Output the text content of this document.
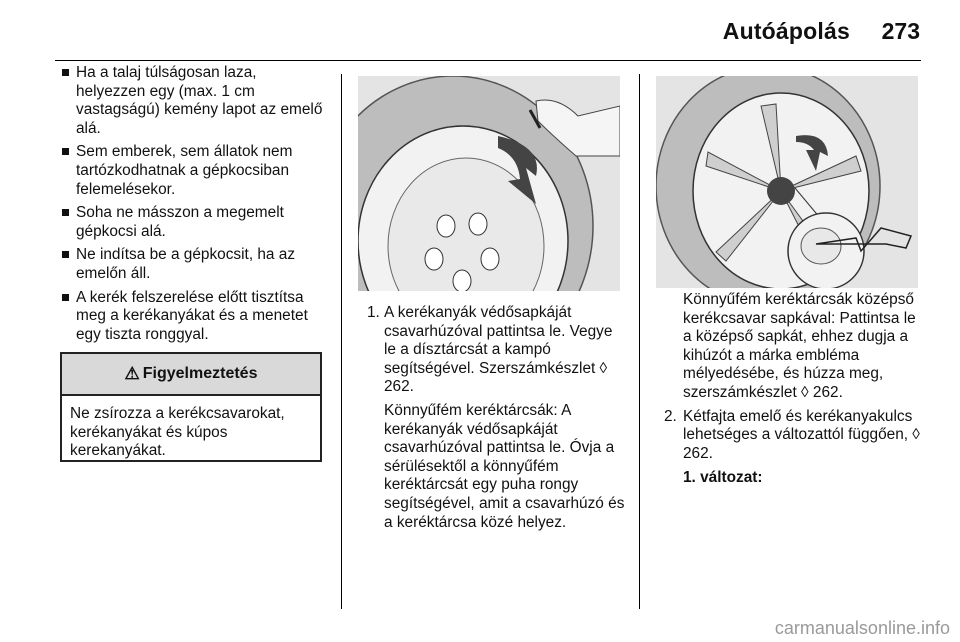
Autóápolás 273
Ha a talaj túlságosan laza, helyezzen egy (max. 1 cm vastagságú) kemény lapot az emelő alá.
Sem emberek, sem állatok nem tartózkodhatnak a gépkocsiban felemelésekor.
Soha ne másszon a megemelt gépkocsi alá.
Ne indítsa be a gépkocsit, ha az emelőn áll.
A kerék felszerelése előtt tisztítsa meg a kerékanyákat és a menetet egy tiszta ronggyal.
⚠ Figyelmeztetés
Ne zsírozza a kerékcsavarokat, kerékanyákat és kúpos kerekanyákat.
1. A kerékanyák védősapkáját csavarhúzóval pattintsa le. Vegye le a dísztárcsát a kampó segítségével. Szerszámkészlet ◊ 262.
Könnyűfém keréktárcsák: A kerékanyák védősapkáját csavarhúzóval pattintsa le. Óvja a sérülésektől a könnyűfém keréktárcsát egy puha rongy segítségével, amit a csavarhúzó és a keréktárcsa közé helyez.
Könnyűfém keréktárcsák középső kerékcsavar sapkával: Pattintsa le a középső sapkát, ehhez dugja a kihúzót a márka embléma mélyedésébe, és húzza meg, szerszámkészlet ◊ 262.
2. Kétfajta emelő és kerékanyakulcs lehetséges a változattól függően, ◊ 262.
1. változat:
carmanualsonline.info
